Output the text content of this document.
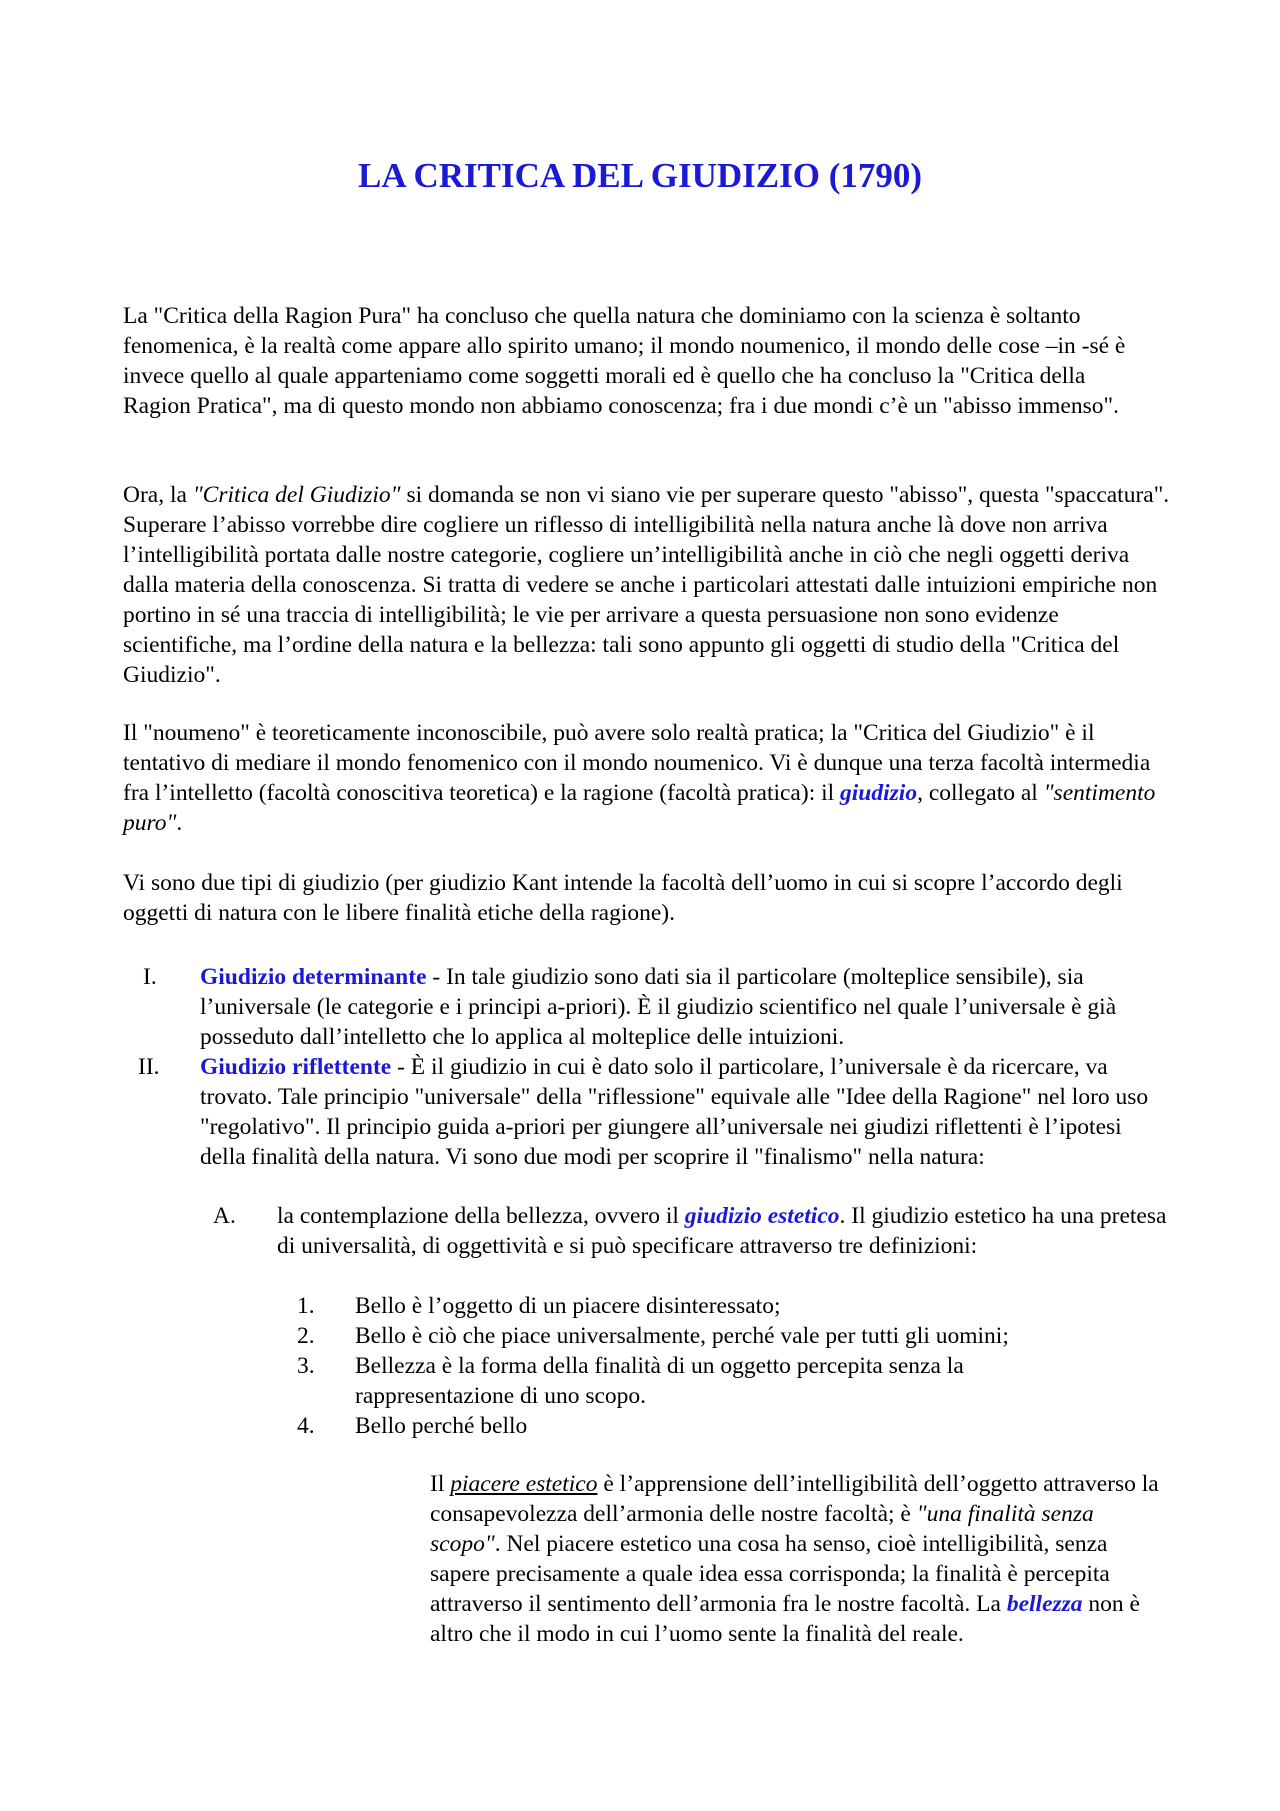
LA CRITICA DEL GIUDIZIO (1790)

La "Critica della Ragion Pura" ha concluso che quella natura che dominiamo con la scienza è soltanto fenomenica, è la realtà come appare allo spirito umano; il mondo noumenico, il mondo delle cose –in -sé è invece quello al quale apparteniamo come soggetti morali ed è quello che ha concluso la "Critica della Ragion Pratica", ma di questo mondo non abbiamo conoscenza; fra i due mondi c’è un "abisso immenso".

Ora, la "Critica del Giudizio" si domanda se non vi siano vie per superare questo "abisso", questa "spaccatura". Superare l’abisso vorrebbe dire cogliere un riflesso di intelligibilità nella natura anche là dove non arriva l’intelligibilità portata dalle nostre categorie, cogliere un’intelligibilità anche in ciò che negli oggetti deriva dalla materia della conoscenza. Si tratta di vedere se anche i particolari attestati dalle intuizioni empiriche non portino in sé una traccia di intelligibilità; le vie per arrivare a questa persuasione non sono evidenze scientifiche, ma l’ordine della natura e la bellezza: tali sono appunto gli oggetti di studio della "Critica del Giudizio".

Il "noumeno" è teoreticamente inconoscibile, può avere solo realtà pratica; la "Critica del Giudizio" è il tentativo di mediare il mondo fenomenico con il mondo noumenico. Vi è dunque una terza facoltà intermedia fra l’intelletto (facoltà conoscitiva teoretica) e la ragione (facoltà pratica): il giudizio, collegato al "sentimento puro".

Vi sono due tipi di giudizio (per giudizio Kant intende la facoltà dell’uomo in cui si scopre l’accordo degli oggetti di natura con le libere finalità etiche della ragione).

I. Giudizio determinante - In tale giudizio sono dati sia il particolare (molteplice sensibile), sia l’universale (le categorie e i principi a-priori). È il giudizio scientifico nel quale l’universale è già posseduto dall’intelletto che lo applica al molteplice delle intuizioni.

II. Giudizio riflettente - È il giudizio in cui è dato solo il particolare, l’universale è da ricercare, va trovato. Tale principio "universale" della "riflessione" equivale alle "Idee della Ragione" nel loro uso "regolativo". Il principio guida a-priori per giungere all’universale nei giudizi riflettenti è l’ipotesi della finalità della natura. Vi sono due modi per scoprire il "finalismo" nella natura:

A. la contemplazione della bellezza, ovvero il giudizio estetico. Il giudizio estetico ha una pretesa di universalità, di oggettività e si può specificare attraverso tre definizioni:

1. Bello è l’oggetto di un piacere disinteressato;

2. Bello è ciò che piace universalmente, perché vale per tutti gli uomini;

3. Bellezza è la forma della finalità di un oggetto percepita senza la rappresentazione di uno scopo.

4. Bello perché bello

Il piacere estetico è l’apprensione dell’intelligibilità dell’oggetto attraverso la consapevolezza dell’armonia delle nostre facoltà; è "una finalità senza scopo". Nel piacere estetico una cosa ha senso, cioè intelligibilità, senza sapere precisamente a quale idea essa corrisponda; la finalità è percepita attraverso il sentimento dell’armonia fra le nostre facoltà. La bellezza non è altro che il modo in cui l’uomo sente la finalità del reale.
